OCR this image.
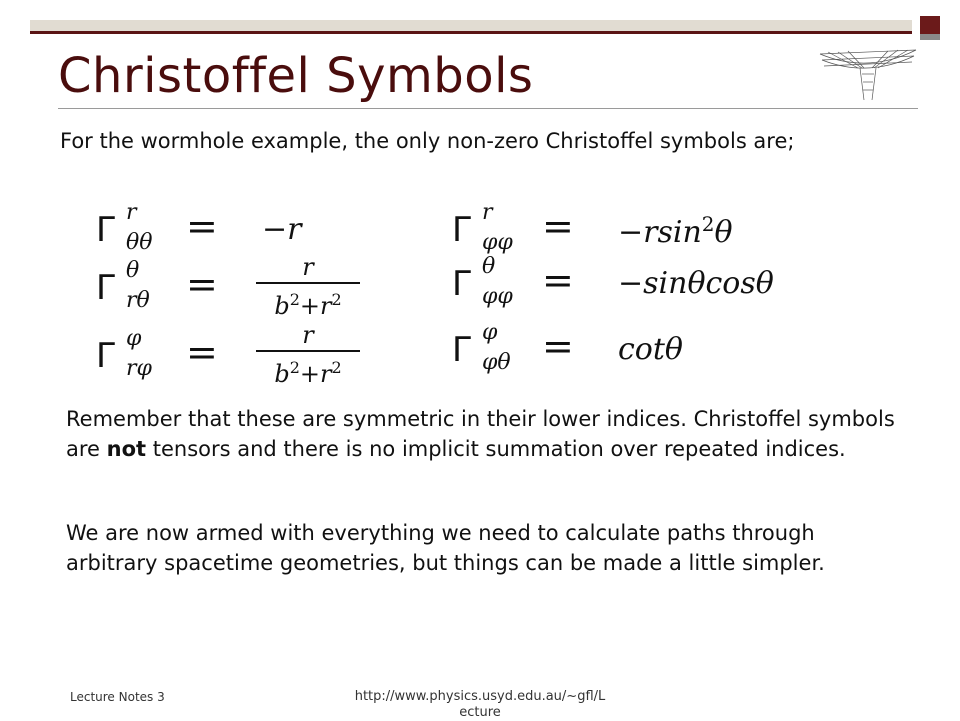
Christoffel Symbols
For the wormhole example, the only non-zero Christoffel symbols are;
Γ r
θθ = −r
Γ θ
rθ =	r
$b^2+r^2$
Γ φ
rφ =	r
$b^2+r^2$
Γ r
φφ = −rsin$^2$θ
Γ θ
φφ = −sinθcosθ
Γ φ
φθ = cotθ
Remember that these are symmetric in their lower indices. Christoffel symbols are not tensors and there is no implicit summation over repeated indices.
We are now armed with everything we need to calculate paths through arbitrary spacetime geometries, but things can be made a little simpler.
Lecture Notes 3	http://www.physics.usyd.edu.au/~gfl/L ecture
